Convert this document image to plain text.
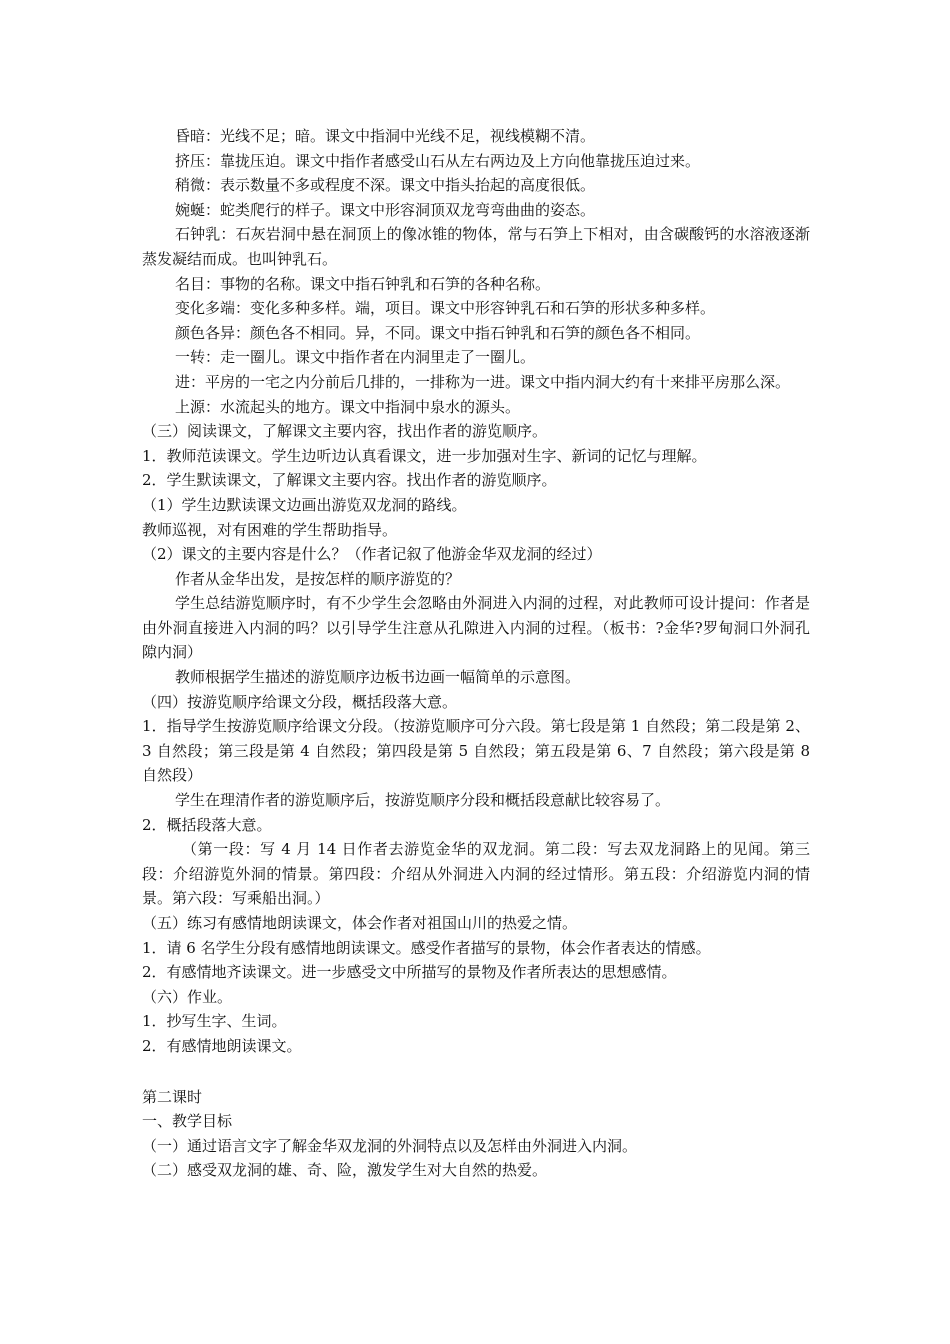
昏暗：光线不足；暗。课文中指洞中光线不足，视线模糊不清。

挤压：靠拢压迫。课文中指作者感受山石从左右两边及上方向他靠拢压迫过来。

稍微：表示数量不多或程度不深。课文中指头抬起的高度很低。

婉蜒：蛇类爬行的样子。课文中形容洞顶双龙弯弯曲曲的姿态。

石钟乳：石灰岩洞中悬在洞顶上的像冰锥的物体，常与石笋上下相对，由含碳酸钙的水溶液逐渐蒸发凝结而成。也叫钟乳石。

名目：事物的名称。课文中指石钟乳和石笋的各种名称。

变化多端：变化多种多样。端，项目。课文中形容钟乳石和石笋的形状多种多样。

颜色各异：颜色各不相同。异，不同。课文中指石钟乳和石笋的颜色各不相同。

一转：走一圈儿。课文中指作者在内洞里走了一圈儿。

进：平房的一宅之内分前后几排的，一排称为一进。课文中指内洞大约有十来排平房那么深。

上源：水流起头的地方。课文中指洞中泉水的源头。

（三）阅读课文，了解课文主要内容，找出作者的游览顺序。

1．教师范读课文。学生边听边认真看课文，进一步加强对生字、新词的记忆与理解。

2．学生默读课文，了解课文主要内容。找出作者的游览顺序。

（1）学生边默读课文边画出游览双龙洞的路线。

教师巡视，对有困难的学生帮助指导。

（2）课文的主要内容是什么？（作者记叙了他游金华双龙洞的经过）

作者从金华出发，是按怎样的顺序游览的？

学生总结游览顺序时，有不少学生会忽略由外洞进入内洞的过程，对此教师可设计提问：作者是由外洞直接进入内洞的吗？以引导学生注意从孔隙进入内洞的过程。（板书：?金华?罗甸洞口外洞孔隙内洞）

教师根据学生描述的游览顺序边板书边画一幅简单的示意图。

（四）按游览顺序给课文分段，概括段落大意。

1．指导学生按游览顺序给课文分段。（按游览顺序可分六段。第七段是第 1 自然段；第二段是第 2、3 自然段；第三段是第 4 自然段；第四段是第 5 自然段；第五段是第 6、7 自然段；第六段是第 8 自然段）

学生在理清作者的游览顺序后，按游览顺序分段和概括段意献比较容易了。

2．概括段落大意。

（第一段：写 4 月 14 日作者去游览金华的双龙洞。第二段：写去双龙洞路上的见闻。第三段：介绍游览外洞的情景。第四段：介绍从外洞进入内洞的经过情形。第五段：介绍游览内洞的情景。第六段：写乘船出洞。）

（五）练习有感情地朗读课文，体会作者对祖国山川的热爱之情。

1．请 6 名学生分段有感情地朗读课文。感受作者描写的景物，体会作者表达的情感。

2．有感情地齐读课文。进一步感受文中所描写的景物及作者所表达的思想感情。

（六）作业。

1．抄写生字、生词。

2．有感情地朗读课文。

第二课时

一、教学目标

（一）通过语言文字了解金华双龙洞的外洞特点以及怎样由外洞进入内洞。

（二）感受双龙洞的雄、奇、险，激发学生对大自然的热爱。
